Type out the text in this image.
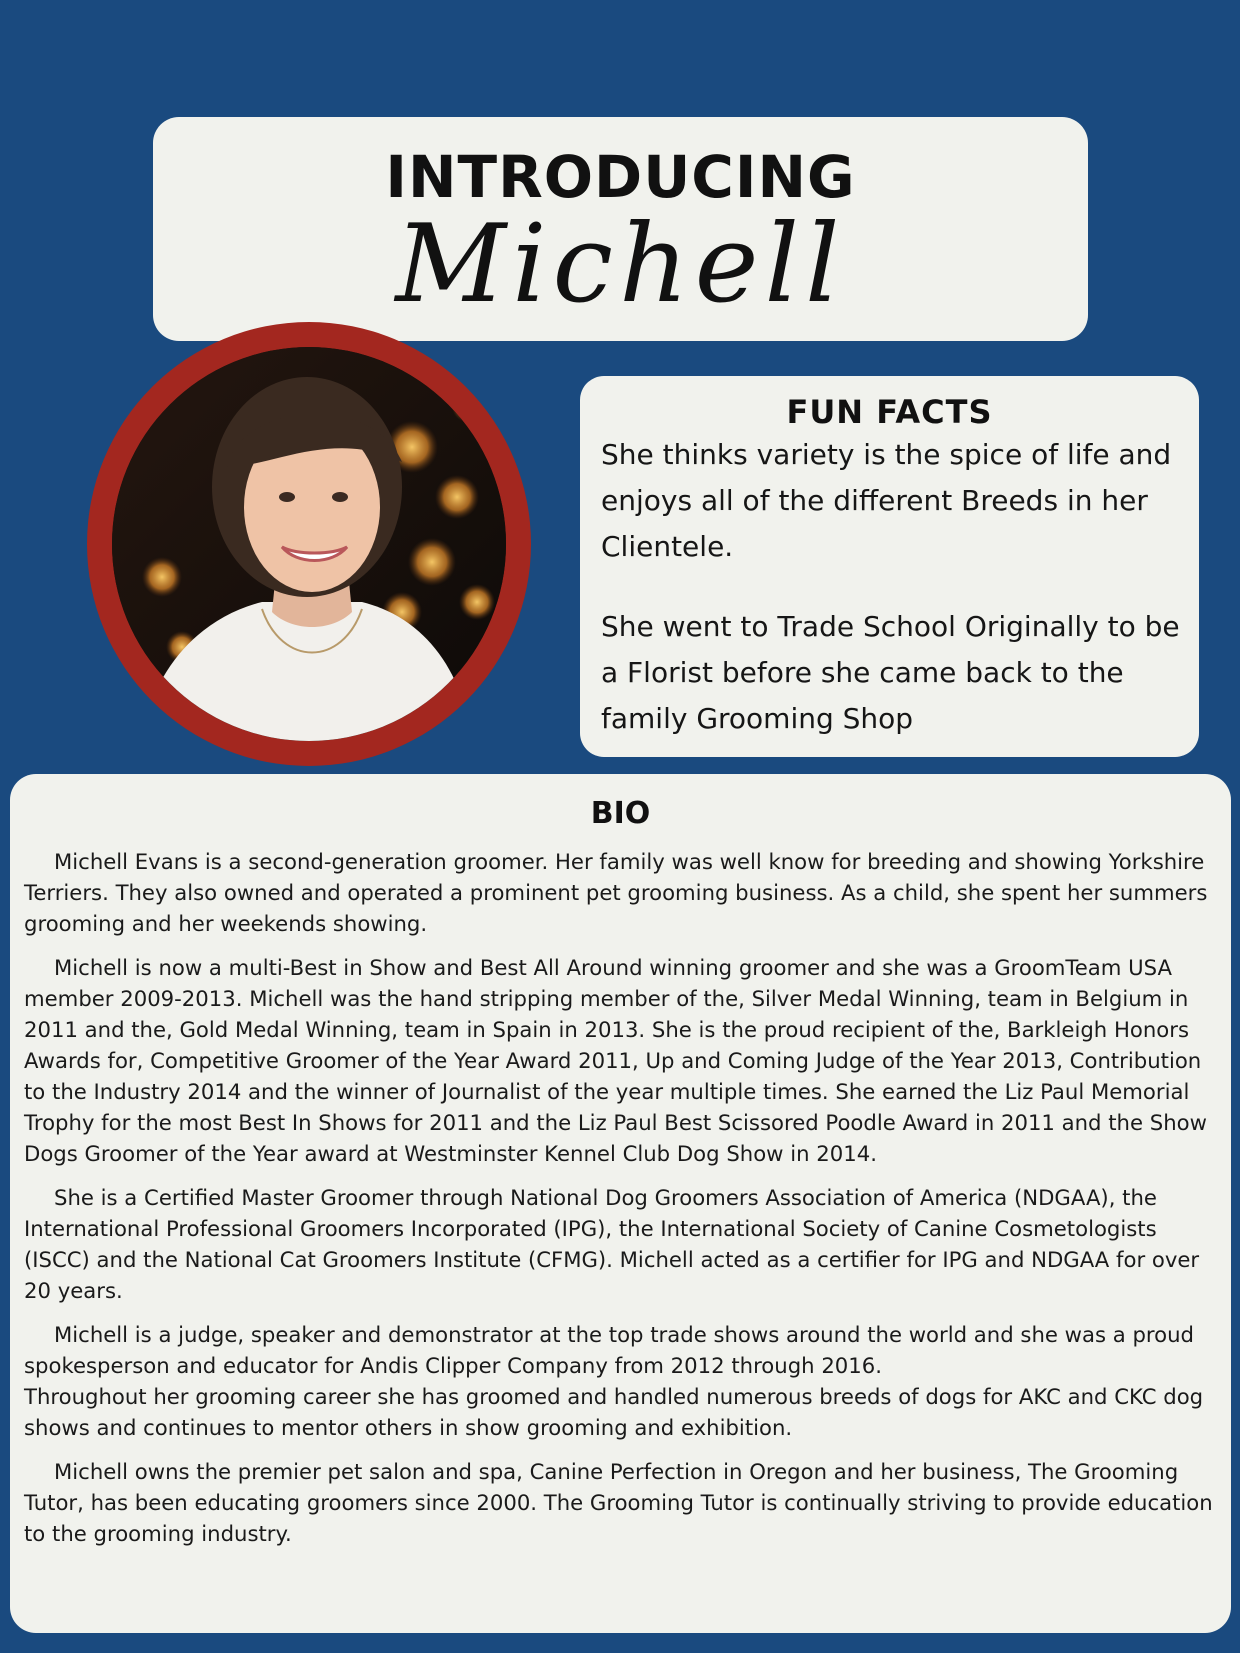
INTRODUCING
Michell
FUN FACTS
She thinks variety is the spice of life and enjoys all of the different Breeds in her Clientele.
She went to Trade School Originally to be a Florist before she came back to the family Grooming Shop
BIO

Michell Evans is a second-generation groomer. Her family was well know for breeding and showing Yorkshire Terriers. They also owned and operated a prominent pet grooming business. As a child, she spent her summers grooming and her weekends showing.

Michell is now a multi-Best in Show and Best All Around winning groomer and she was a GroomTeam USA member 2009-2013. Michell was the hand stripping member of the, Silver Medal Winning, team in Belgium in 2011 and the, Gold Medal Winning, team in Spain in 2013. She is the proud recipient of the, Barkleigh Honors Awards for, Competitive Groomer of the Year Award 2011, Up and Coming Judge of the Year 2013, Contribution to the Industry 2014 and the winner of Journalist of the year multiple times. She earned the Liz Paul Memorial Trophy for the most Best In Shows for 2011 and the Liz Paul Best Scissored Poodle Award in 2011 and the Show Dogs Groomer of the Year award at Westminster Kennel Club Dog Show in 2014.

She is a Certified Master Groomer through National Dog Groomers Association of America (NDGAA), the International Professional Groomers Incorporated (IPG), the International Society of Canine Cosmetologists (ISCC) and the National Cat Groomers Institute (CFMG). Michell acted as a certifier for IPG and NDGAA for over 20 years.

Michell is a judge, speaker and demonstrator at the top trade shows around the world and she was a proud spokesperson and educator for Andis Clipper Company from 2012 through 2016.
Throughout her grooming career she has groomed and handled numerous breeds of dogs for AKC and CKC dog shows and continues to mentor others in show grooming and exhibition.

Michell owns the premier pet salon and spa, Canine Perfection in Oregon and her business, The Grooming Tutor, has been educating groomers since 2000. The Grooming Tutor is continually striving to provide education to the grooming industry.
